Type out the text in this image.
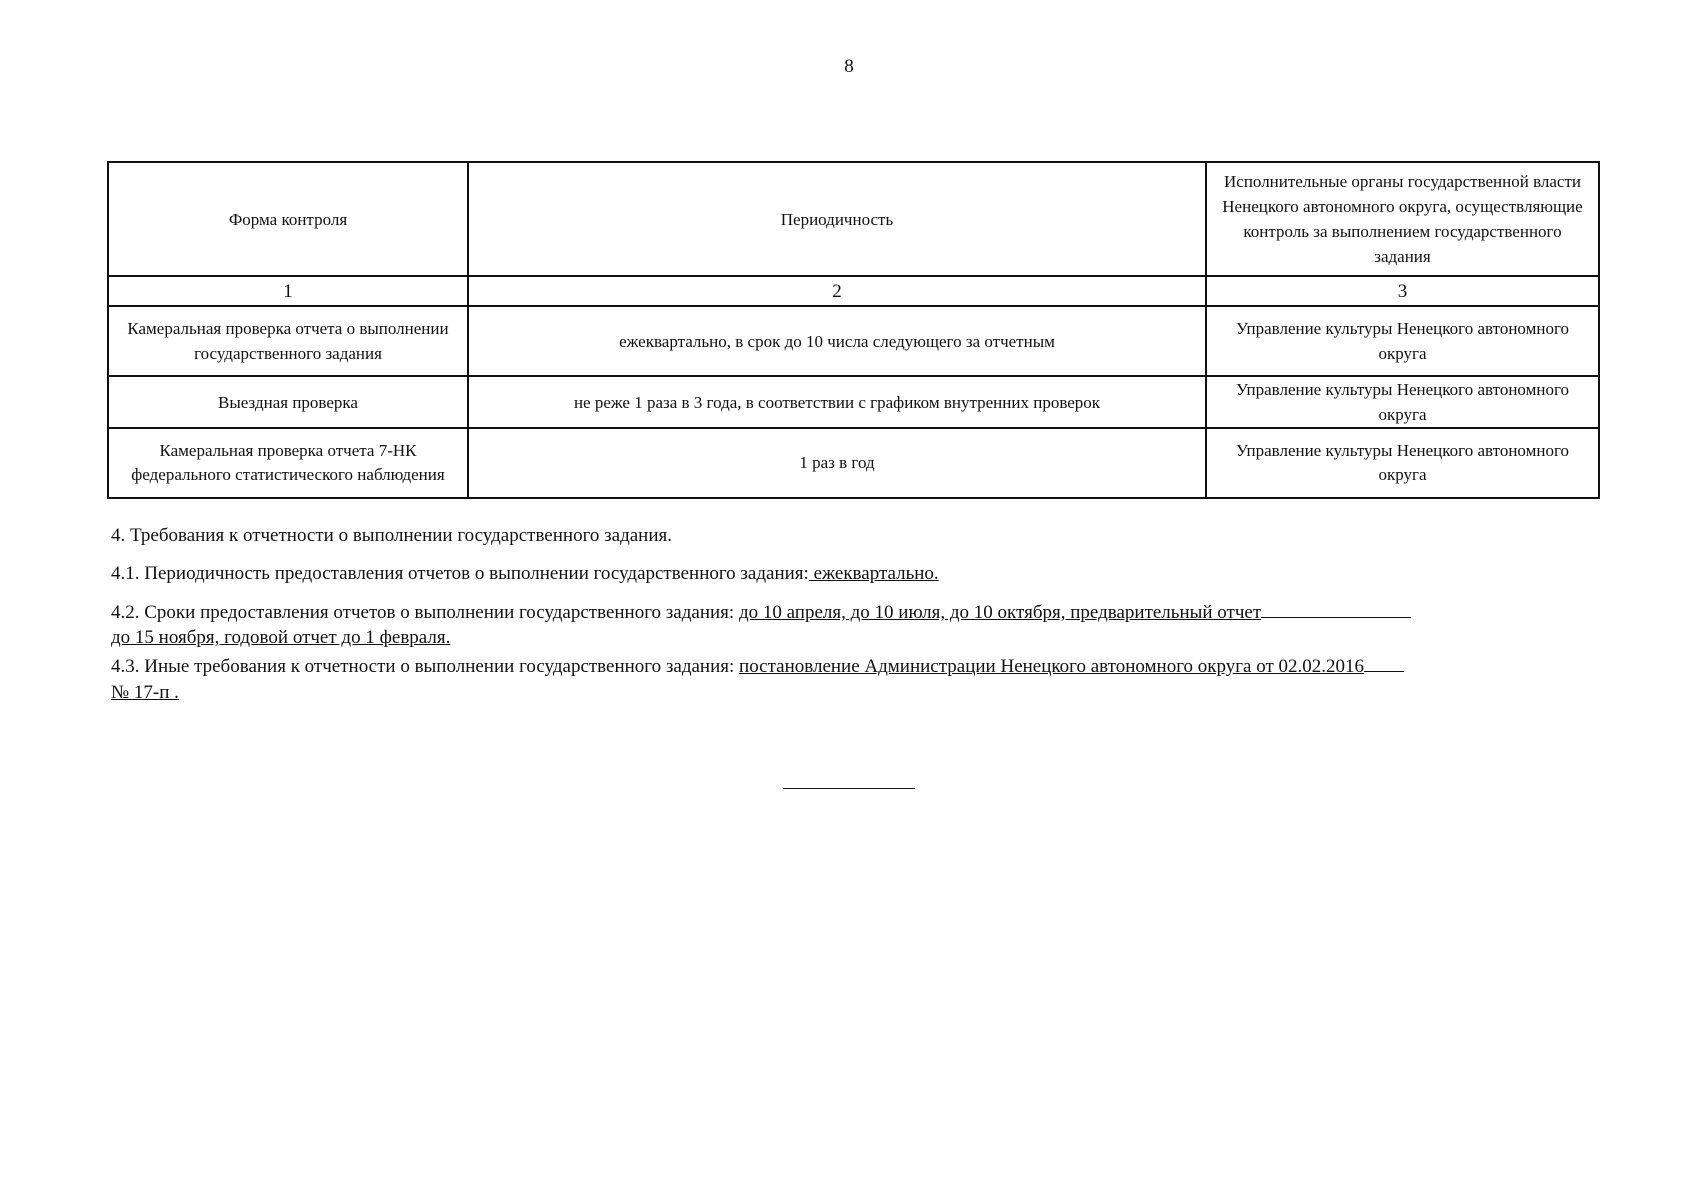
8
Форма контроля	Периодичность	Исполнительные органы государственной власти Ненецкого автономного округа, осуществляющие контроль за выполнением государственного задания
1	2	3
Камеральная проверка отчета о выполнении государственного задания	ежеквартально, в срок до 10 числа следующего за отчетным	Управление культуры Ненецкого автономного округа
Выездная проверка	не реже 1 раза в 3 года, в соответствии с графиком внутренних проверок	Управление культуры Ненецкого автономного округа
Камеральная проверка отчета 7-НК федерального статистического наблюдения	1 раз в год	Управление культуры Ненецкого автономного округа
4. Требования к отчетности о выполнении государственного задания.
4.1. Периодичность предоставления отчетов о выполнении государственного задания: ежеквартально.
4.2. Сроки предоставления отчетов о выполнении государственного задания: до 10 апреля, до 10 июля, до 10 октября, предварительный отчет
до 15 ноября, годовой отчет до 1 февраля.
4.3. Иные требования к отчетности о выполнении государственного задания: постановление Администрации Ненецкого автономного округа от 02.02.2016
№ 17-п .
